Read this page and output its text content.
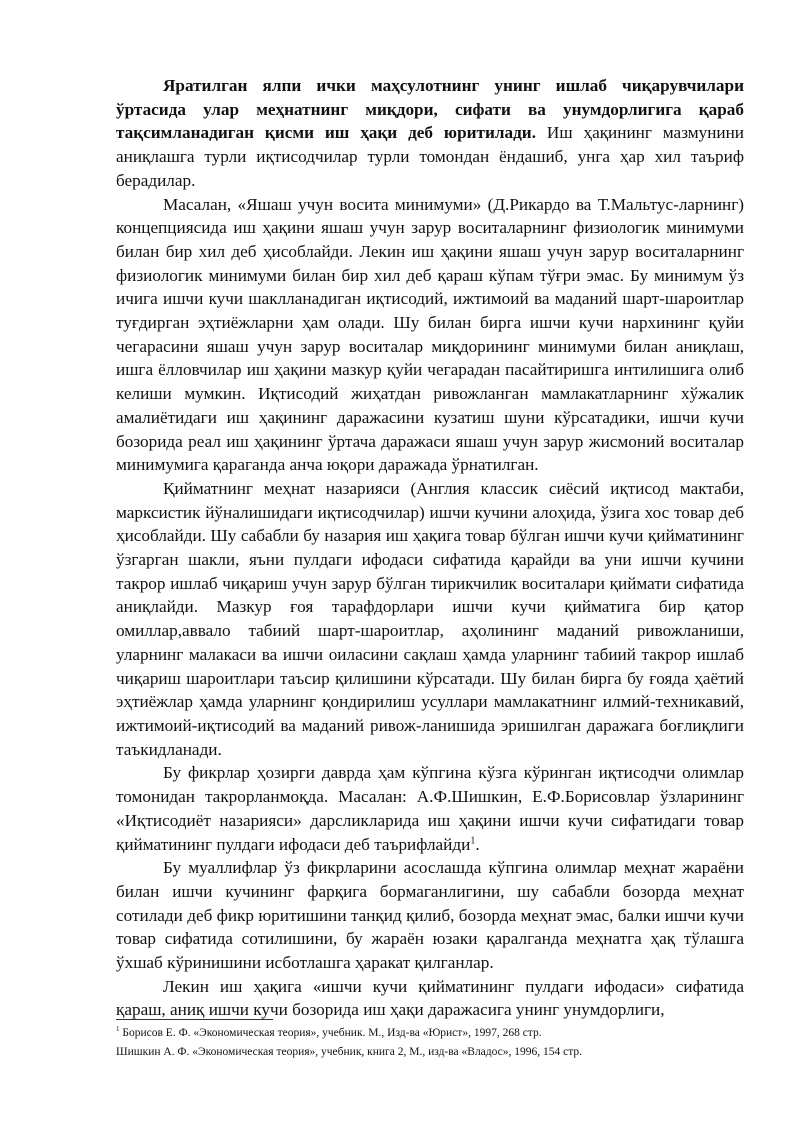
Яратилган ялпи ички маҳсулотнинг унинг ишлаб чиқарувчилари ўртасида улар меҳнатнинг миқдори, сифати ва унумдорлигига қараб тақсимланадиган қисми иш ҳақи деб юритилади. Иш ҳақининг мазмунини аниқлашга турли иқтисодчилар турли томондан ёндашиб, унга ҳар хил таъриф берадилар.

Масалан, «Яшаш учун восита минимуми» (Д.Рикардо ва Т.Мальтус-ларнинг) концепциясида иш ҳақини яшаш учун зарур воситаларнинг физиологик минимуми билан бир хил деб ҳисоблайди. Лекин иш ҳақини яшаш учун зарур воситаларнинг физиологик минимуми билан бир хил деб қараш кўпам тўғри эмас. Бу минимум ўз ичига ишчи кучи шаклланадиган иқтисодий, ижтимоий ва маданий шарт-шароитлар туғдирган эҳтиёжларни ҳам олади. Шу билан бирга ишчи кучи нархининг қуйи чегарасини яшаш учун зарур воситалар миқдорининг минимуми билан аниқлаш, ишга ёлловчилар иш ҳақини мазкур қуйи чегарадан пасайтиришга интилишига олиб келиши мумкин. Иқтисодий жиҳатдан ривожланган мамлакатларнинг хўжалик амалиётидаги иш ҳақининг даражасини кузатиш шуни кўрсатадики, ишчи кучи бозорида реал иш ҳақининг ўртача даражаси яшаш учун зарур жисмоний воситалар минимумига қараганда анча юқори даражада ўрнатилган.

Қийматнинг меҳнат назарияси (Англия классик сиёсий иқтисод мактаби, марксистик йўналишидаги иқтисодчилар) ишчи кучини алоҳида, ўзига хос товар деб ҳисоблайди. Шу сабабли бу назария иш ҳақига товар бўлган ишчи кучи қийматининг ўзгарган шакли, яъни пулдаги ифодаси сифатида қарайди ва уни ишчи кучини такрор ишлаб чиқариш учун зарур бўлган тирикчилик воситалари қиймати сифатида аниқлайди. Мазкур ғоя тарафдорлари ишчи кучи қийматига бир қатор омиллар,аввало табиий шарт-шароитлар, аҳолининг маданий ривожланиши, уларнинг малакаси ва ишчи оиласини сақлаш ҳамда уларнинг табиий такрор ишлаб чиқариш шароитлари таъсир қилишини кўрсатади. Шу билан бирга бу ғояда ҳаётий эҳтиёжлар ҳамда уларнинг қондирилиш усуллари мамлакатнинг илмий-техникавий, ижтимоий-иқтисодий ва маданий ривож-ланишида эришилган даражага боғлиқлиги таъкидланади.

Бу фикрлар ҳозирги даврда ҳам кўпгина кўзга кўринган иқтисодчи олимлар томонидан такрорланмоқда. Масалан: А.Ф.Шишкин, Е.Ф.Борисовлар ўзларининг «Иқтисодиёт назарияси» дарсликларида иш ҳақини ишчи кучи сифатидаги товар қийматининг пулдаги ифодаси деб таърифлайди$^1$.

Бу муаллифлар ўз фикрларини асослашда кўпгина олимлар меҳнат жараёни билан ишчи кучининг фарқига бормаганлигини, шу сабабли бозорда меҳнат сотилади деб фикр юритишини танқид қилиб, бозорда меҳнат эмас, балки ишчи кучи товар сифатида сотилишини, бу жараён юзаки қаралганда меҳнатга ҳақ тўлашга ўхшаб кўринишини исботлашга ҳаракат қилганлар.

Лекин иш ҳақига «ишчи кучи қийматининг пулдаги ифодаси» сифатида қараш, аниқ ишчи кучи бозорида иш ҳақи даражасига унинг унумдорлиги,

$^1$ Борисов Е. Ф. «Экономическая теория», учебник. М., Изд-ва «Юрист», 1997, 268 стр.
Шишкин А. Ф. «Экономическая теория», учебник, книга 2, М., изд-ва «Владос», 1996, 154 стр.
